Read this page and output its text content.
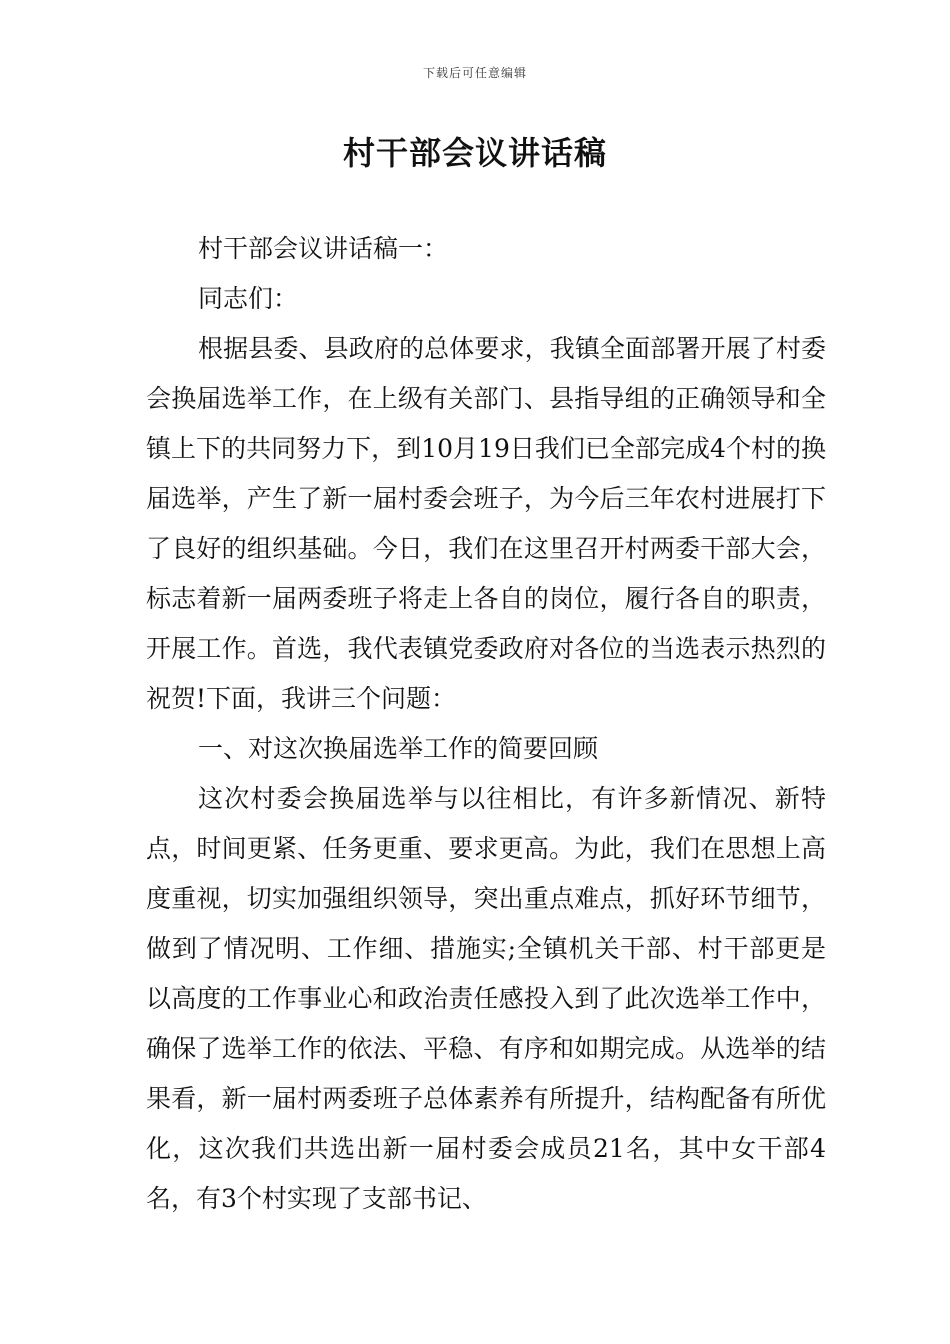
下载后可任意编辑
村干部会议讲话稿

村干部会议讲话稿一：

同志们：

根据县委、县政府的总体要求，我镇全面部署开展了村委会换届选举工作，在上级有关部门、县指导组的正确领导和全镇上下的共同努力下，到10月19日我们已全部完成4个村的换届选举，产生了新一届村委会班子，为今后三年农村进展打下了良好的组织基础。今日，我们在这里召开村两委干部大会，标志着新一届两委班子将走上各自的岗位，履行各自的职责，开展工作。首选，我代表镇党委政府对各位的当选表示热烈的祝贺!下面，我讲三个问题：

一、对这次换届选举工作的简要回顾

这次村委会换届选举与以往相比，有许多新情况、新特点，时间更紧、任务更重、要求更高。为此，我们在思想上高度重视，切实加强组织领导，突出重点难点，抓好环节细节，做到了情况明、工作细、措施实;全镇机关干部、村干部更是以高度的工作事业心和政治责任感投入到了此次选举工作中，确保了选举工作的依法、平稳、有序和如期完成。从选举的结果看，新一届村两委班子总体素养有所提升，结构配备有所优化，这次我们共选出新一届村委会成员21名，其中女干部4名，有3个村实现了支部书记、
